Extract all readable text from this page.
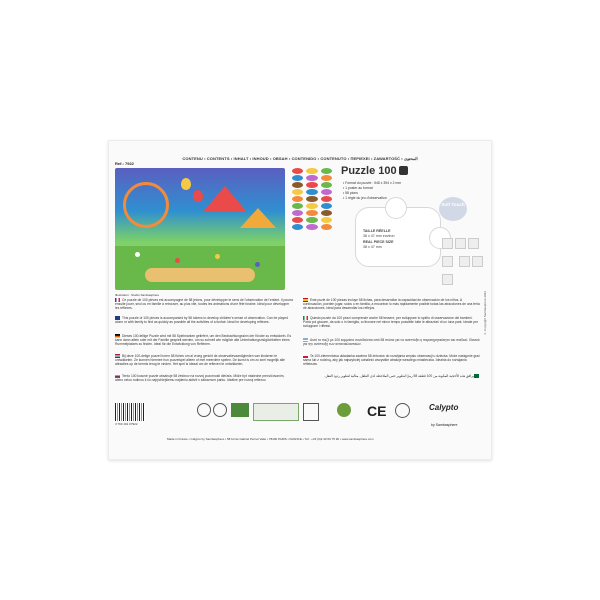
CONTENU • CONTENTS • INHALT • INHOUD • OBSAH • CONTENIDO • CONTENUTO • ΠΕΡΙΕΧΕΙ • ZAWARTOŚĆ • المحتوى
Ref.: 7922
Puzzle 100
• Format du puzzle : 548 x 394 x 2 mm
• 1 poster au format
• 58 pions
• 1 règle du jeu d'observation
TAILLE RÉELLE
38 x 47 mm environ
REAL PIECE SIZE
38 x 47 mm
Soft Touch

Illustration : Studio Sambasphere
Ce puzzle de 100 pièces est accompagné de 58 jetons, pour développer le sens de l'observation de l'enfant. Il pourra ensuite jouer, seul ou en famille à retrouver, au plus vite, toutes les animations d'une fête foraine. Idéal pour développer les réflexes.
This puzzle of 100 pieces is accompanied by 58 tokens to develop children's sense of observation. Can be played alone or with family to find as quickly as possible all the activities of a funfair. Ideal for developing reflexes.
Dieses 100-teilige Puzzle wird mit 58 Spielmarken geliefert, um den Beobachtungssinn der Kinder zu entwickeln. Es kann dann allein oder mit der Familie gespielt werden, um so schnell wie möglich alle Unterhaltungsmöglichkeiten eines Rummelplatzes zu finden. Ideal für die Entwicklung von Reflexen.
Bij deze 100-delige puzzel horen 58 fiches om al vroeg gericht de observatievaardigheden van kinderen te ontwikkelen. Ze kunnen hiermee hun puzzelspel alleen of met meerdere spelen. De kunst is om zo snel mogelijk alle attracties op de kermis terug te vinden. Het spel is ideaal om de reflexen te ontwikkelen.
Tento 100 kusové puzzle obsahuje 58 žetónov na rozvoj pozornosti dieťaťa. Môže byť následne precvičovaním, alebo celou rodinou k čo najrýchlejšiemu nájdeniu aktivít v zábavnom parku. Ideálne pre rozvoj reflexov.
Este puzle de 100 piezas incluye 58 fichas, para desarrollar la capacidad de observación de los niños. A continuación, pueden jugar, solos o en familia, a encontrar lo más rápidamente posible todas las atracciones de una feria de atracciones. Ideal para desarrollar los reflejos.
Questo puzzle da 100 pezzi comprende anche 58 tessere, per sviluppare lo spirito di osservazione dei bambini. Potrà poi giocare, da solo o in famiglia, a ritrovare nel minor tempo possibile tutte le attrazioni di un luna park. Ideale per sviluppare i riflessi.
Αυτό το παζλ με 100 κομμάτια συνοδεύεται από 58 πιόνια για να αναπτύξει η παρατηρητικότητα του παιδιού. Ιδανικό για την ανάπτυξη των αντανακλαστικών.
Ta 100-elementowa układanka zawiera 58 żetonów do rozwijania zmysłu obserwacji u dziecka. Może następnie grać sama lub z rodziną, aby jak najszybciej odnaleźć wszystkie atrakcje wesołego miasteczka. Idealna do rozwijania refleksów.
يرافق هذه الأحجية المكونة من 100 قطعة 58 رمزًا لتطوير حس الملاحظة لدى الطفل. مثالية لتطوير ردود الفعل.
3 760 191 07922
CE	Calypto
by Sambasphere
Made in France • Calypto by Sambasphere • 58 bd de Gabriel Pernel Valet • 78400 PARIS • FRANCE • Tél : +33 (0)2 40 69 75 90 • www.sambasphere.com
© Copyright Sambasphere 2022
